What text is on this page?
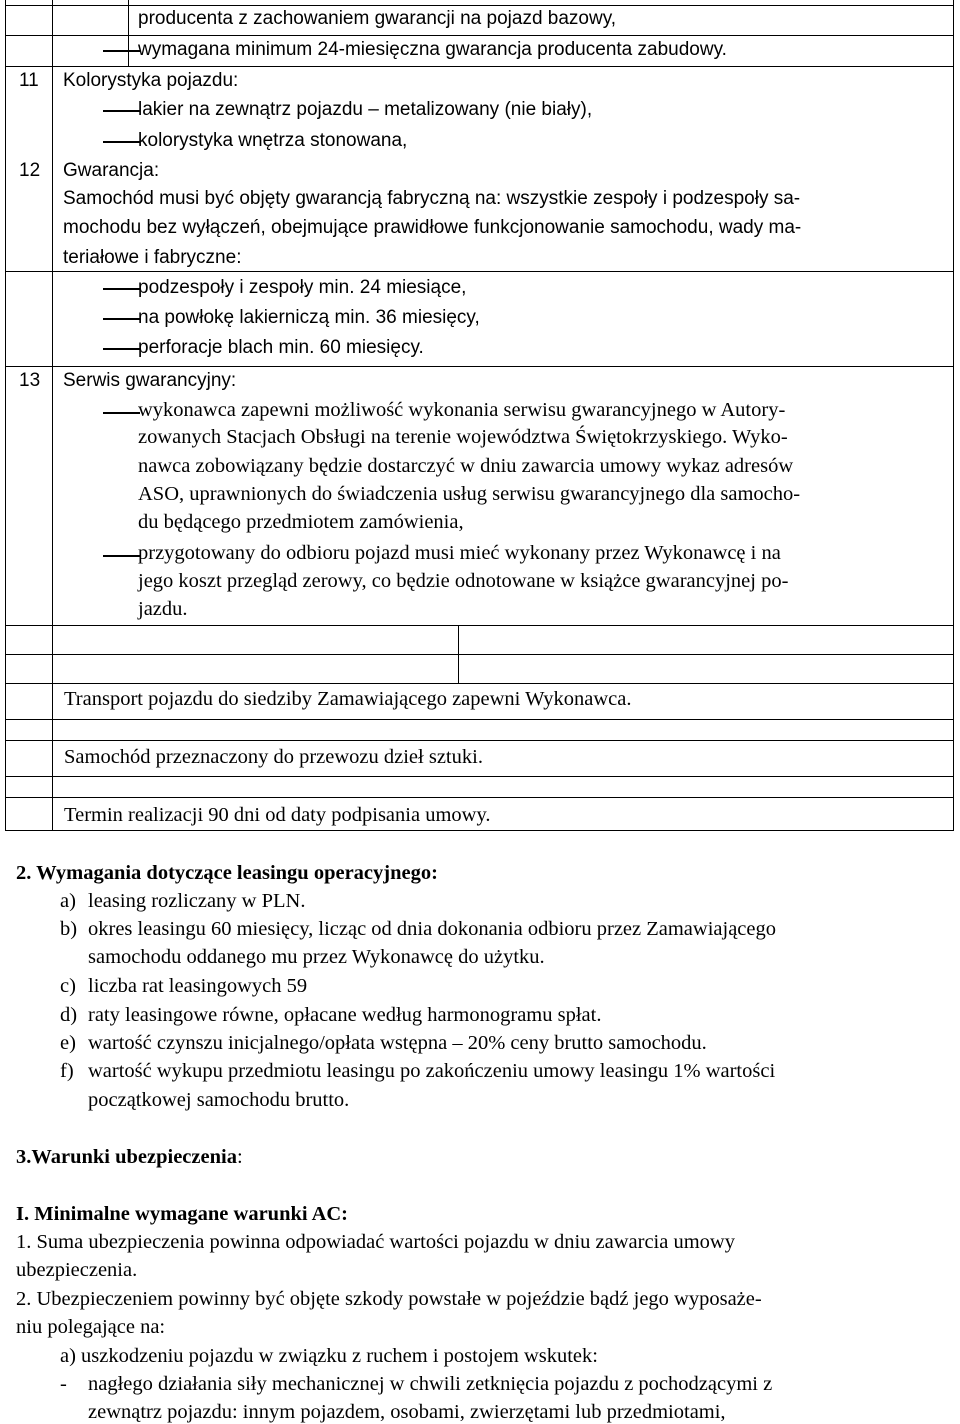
producenta z zachowaniem gwarancji na pojazd bazowy,
wymagana minimum 24-miesięczna gwarancja producenta zabudowy.
11 Kolorystyka pojazdu:
lakier na zewnątrz pojazdu – metalizowany (nie biały),
kolorystyka wnętrza stonowana,
12 Gwarancja:
Samochód musi być objęty gwarancją fabryczną na: wszystkie zespoły i podzespoły sa-
mochodu bez wyłączeń, obejmujące prawidłowe funkcjonowanie samochodu, wady ma-
teriałowe i fabryczne:
podzespoły i zespoły min. 24 miesiące,
na powłokę lakierniczą min. 36 miesięcy,
perforacje blach min. 60 miesięcy.
13 Serwis gwarancyjny:
wykonawca zapewni możliwość wykonania serwisu gwarancyjnego w Autory-
zowanych Stacjach Obsługi na terenie województwa Świętokrzyskiego. Wyko-
nawca zobowiązany będzie dostarczyć w dniu zawarcia umowy wykaz adresów
ASO, uprawnionych do świadczenia usług serwisu gwarancyjnego dla samocho-
du będącego przedmiotem zamówienia,
przygotowany do odbioru pojazd musi mieć wykonany przez Wykonawcę i na
jego koszt przegląd zerowy, co będzie odnotowane w książce gwarancyjnej po-
jazdu.
Transport pojazdu do siedziby Zamawiającego zapewni Wykonawca.
Samochód przeznaczony do przewozu dzieł sztuki.
Termin realizacji 90 dni od daty podpisania umowy.
2. Wymagania dotyczące leasingu operacyjnego:
a) leasing rozliczany w PLN.
b) okres leasingu 60 miesięcy, licząc od dnia dokonania odbioru przez Zamawiającego
samochodu oddanego mu przez Wykonawcę do użytku.
c) liczba rat leasingowych 59
d) raty leasingowe równe, opłacane według harmonogramu spłat.
e) wartość czynszu inicjalnego/opłata wstępna – 20% ceny brutto samochodu.
f) wartość wykupu przedmiotu leasingu po zakończeniu umowy leasingu 1% wartości
początkowej samochodu brutto.
3.Warunki ubezpieczenia:
I. Minimalne wymagane warunki AC:
1. Suma ubezpieczenia powinna odpowiadać wartości pojazdu w dniu zawarcia umowy
ubezpieczenia.
2. Ubezpieczeniem powinny być objęte szkody powstałe w pojeździe bądź jego wyposaże-
niu polegające na:
a) uszkodzeniu pojazdu w związku z ruchem i postojem wskutek:
- nagłego działania siły mechanicznej w chwili zetknięcia pojazdu z pochodzącymi z
zewnątrz pojazdu: innym pojazdem, osobami, zwierzętami lub przedmiotami,
